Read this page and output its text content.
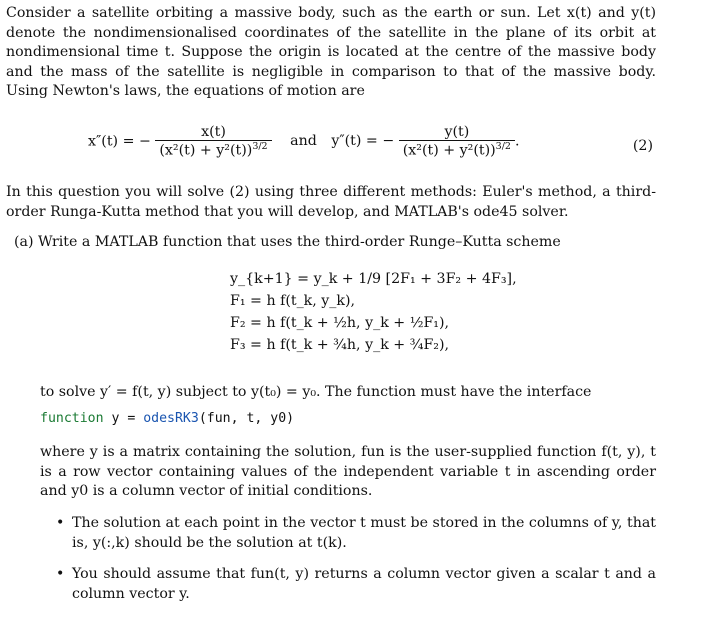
Consider a satellite orbiting a massive body, such as the earth or sun. Let x(t) and y(t) denote the nondimensionalised coordinates of the satellite in the plane of its orbit at nondimensional time t. Suppose the origin is located at the centre of the massive body and the mass of the satellite is negligible in comparison to that of the massive body. Using Newton's laws, the equations of motion are
x″(t) = − $\frac{x(t)}{(x^2(t) + y^2(t))^{3/2}}$ and y″(t) = − $\frac{y(t)}{(x^2(t) + y^2(t))^{3/2}}$ .	(2)
In this question you will solve (2) using three different methods: Euler's method, a third-order Runga-Kutta method that you will develop, and MATLAB's ode45 solver.
(a) Write a MATLAB function that uses the third-order Runge–Kutta scheme
y_{k+1} = y_k + 1/9 [2F₁ + 3F₂ + 4F₃],
F₁ = h f(t_k, y_k),
F₂ = h f(t_k + ½h, y_k + ½F₁),
F₃ = h f(t_k + ¾h, y_k + ¾F₂),
to solve y′ = f(t, y) subject to y(t₀) = y₀. The function must have the interface
function y = odesRK3(fun, t, y0)
where y is a matrix containing the solution, fun is the user-supplied function f(t, y), t is a row vector containing values of the independent variable t in ascending order and y0 is a column vector of initial conditions.
• The solution at each point in the vector t must be stored in the columns of y, that is, y(:,k) should be the solution at t(k).
• You should assume that fun(t, y) returns a column vector given a scalar t and a column vector y.
